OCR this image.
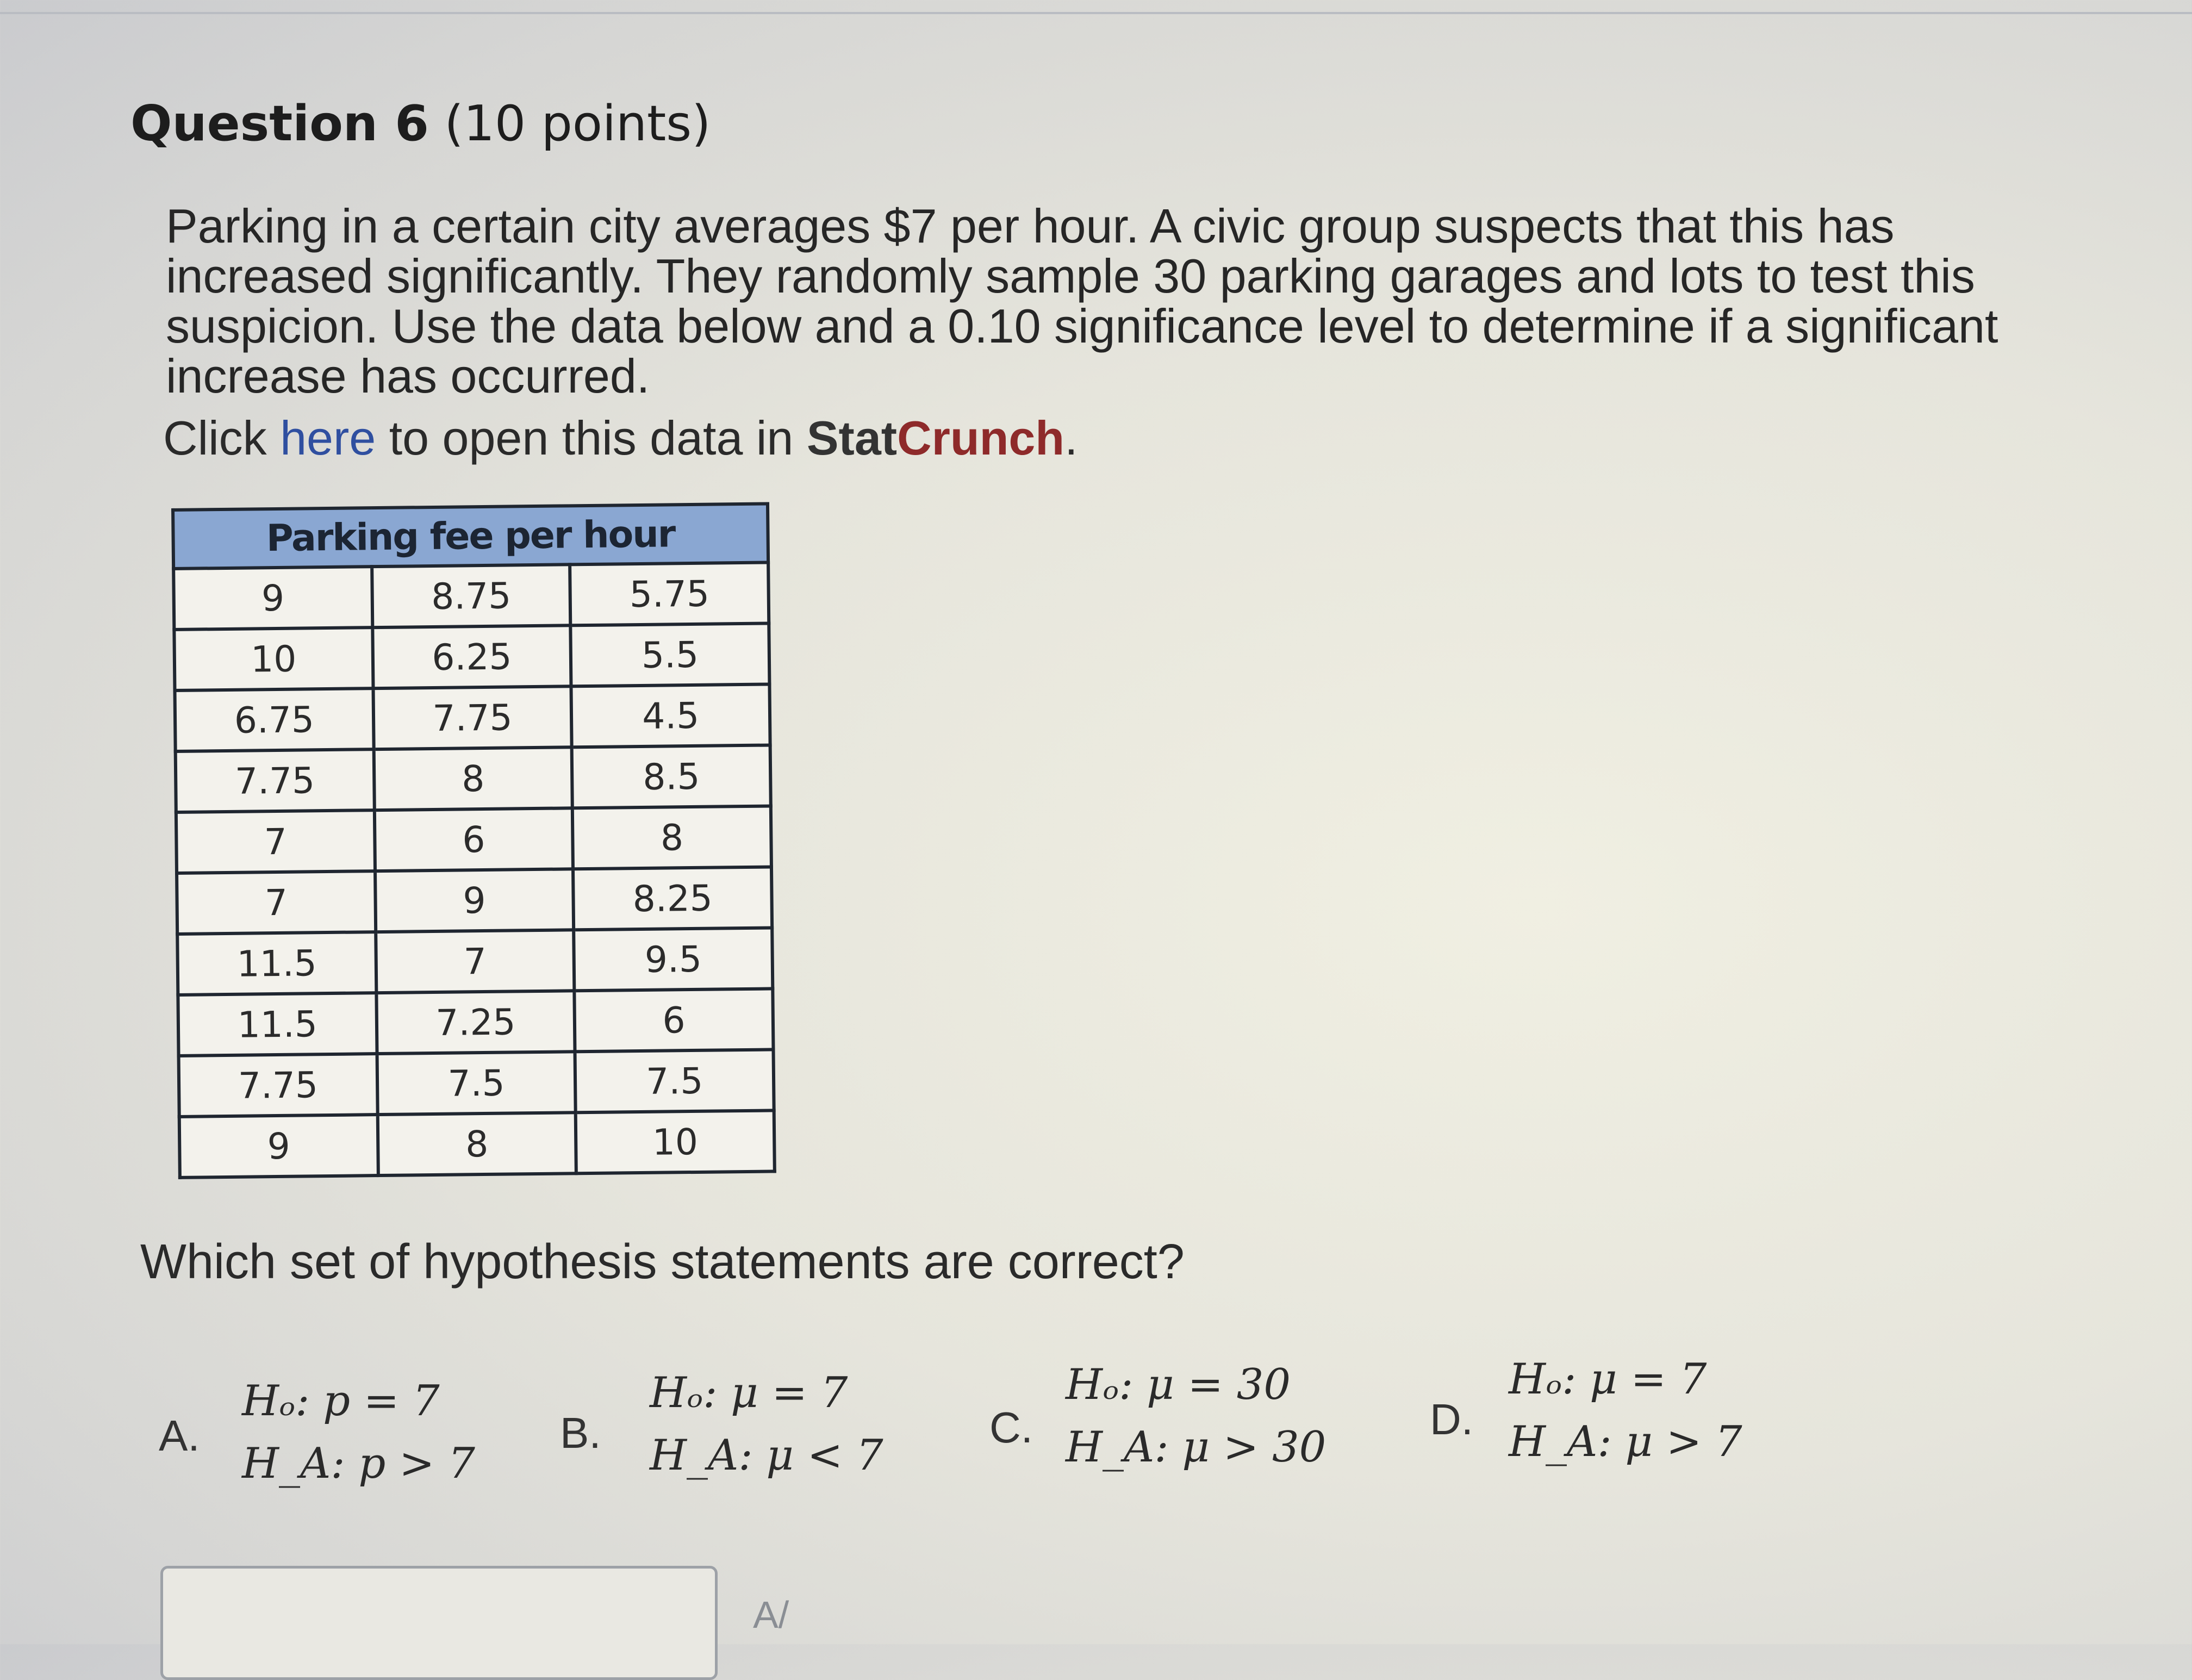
Question 6 (10 points)
Parking in a certain city averages $7 per hour. A civic group suspects that this has increased significantly. They randomly sample 30 parking garages and lots to test this suspicion. Use the data below and a 0.10 significance level to determine if a significant increase has occurred.
Click here to open this data in StatCrunch.
Parking fee per hour		
9	8.75	5.75
10	6.25	5.5
6.75	7.75	4.5
7.75	8	8.5
7	6	8
7	9	8.25
11.5	7	9.5
11.5	7.25	6
7.75	7.5	7.5
9	8	10
Which set of hypothesis statements are correct?
A.
Hₒ: p = 7
H_A: p > 7
B.
Hₒ: μ = 7
H_A: μ < 7
C.
Hₒ: μ = 30
H_A: μ > 30
D.
Hₒ: μ = 7
H_A: μ > 7
A/
